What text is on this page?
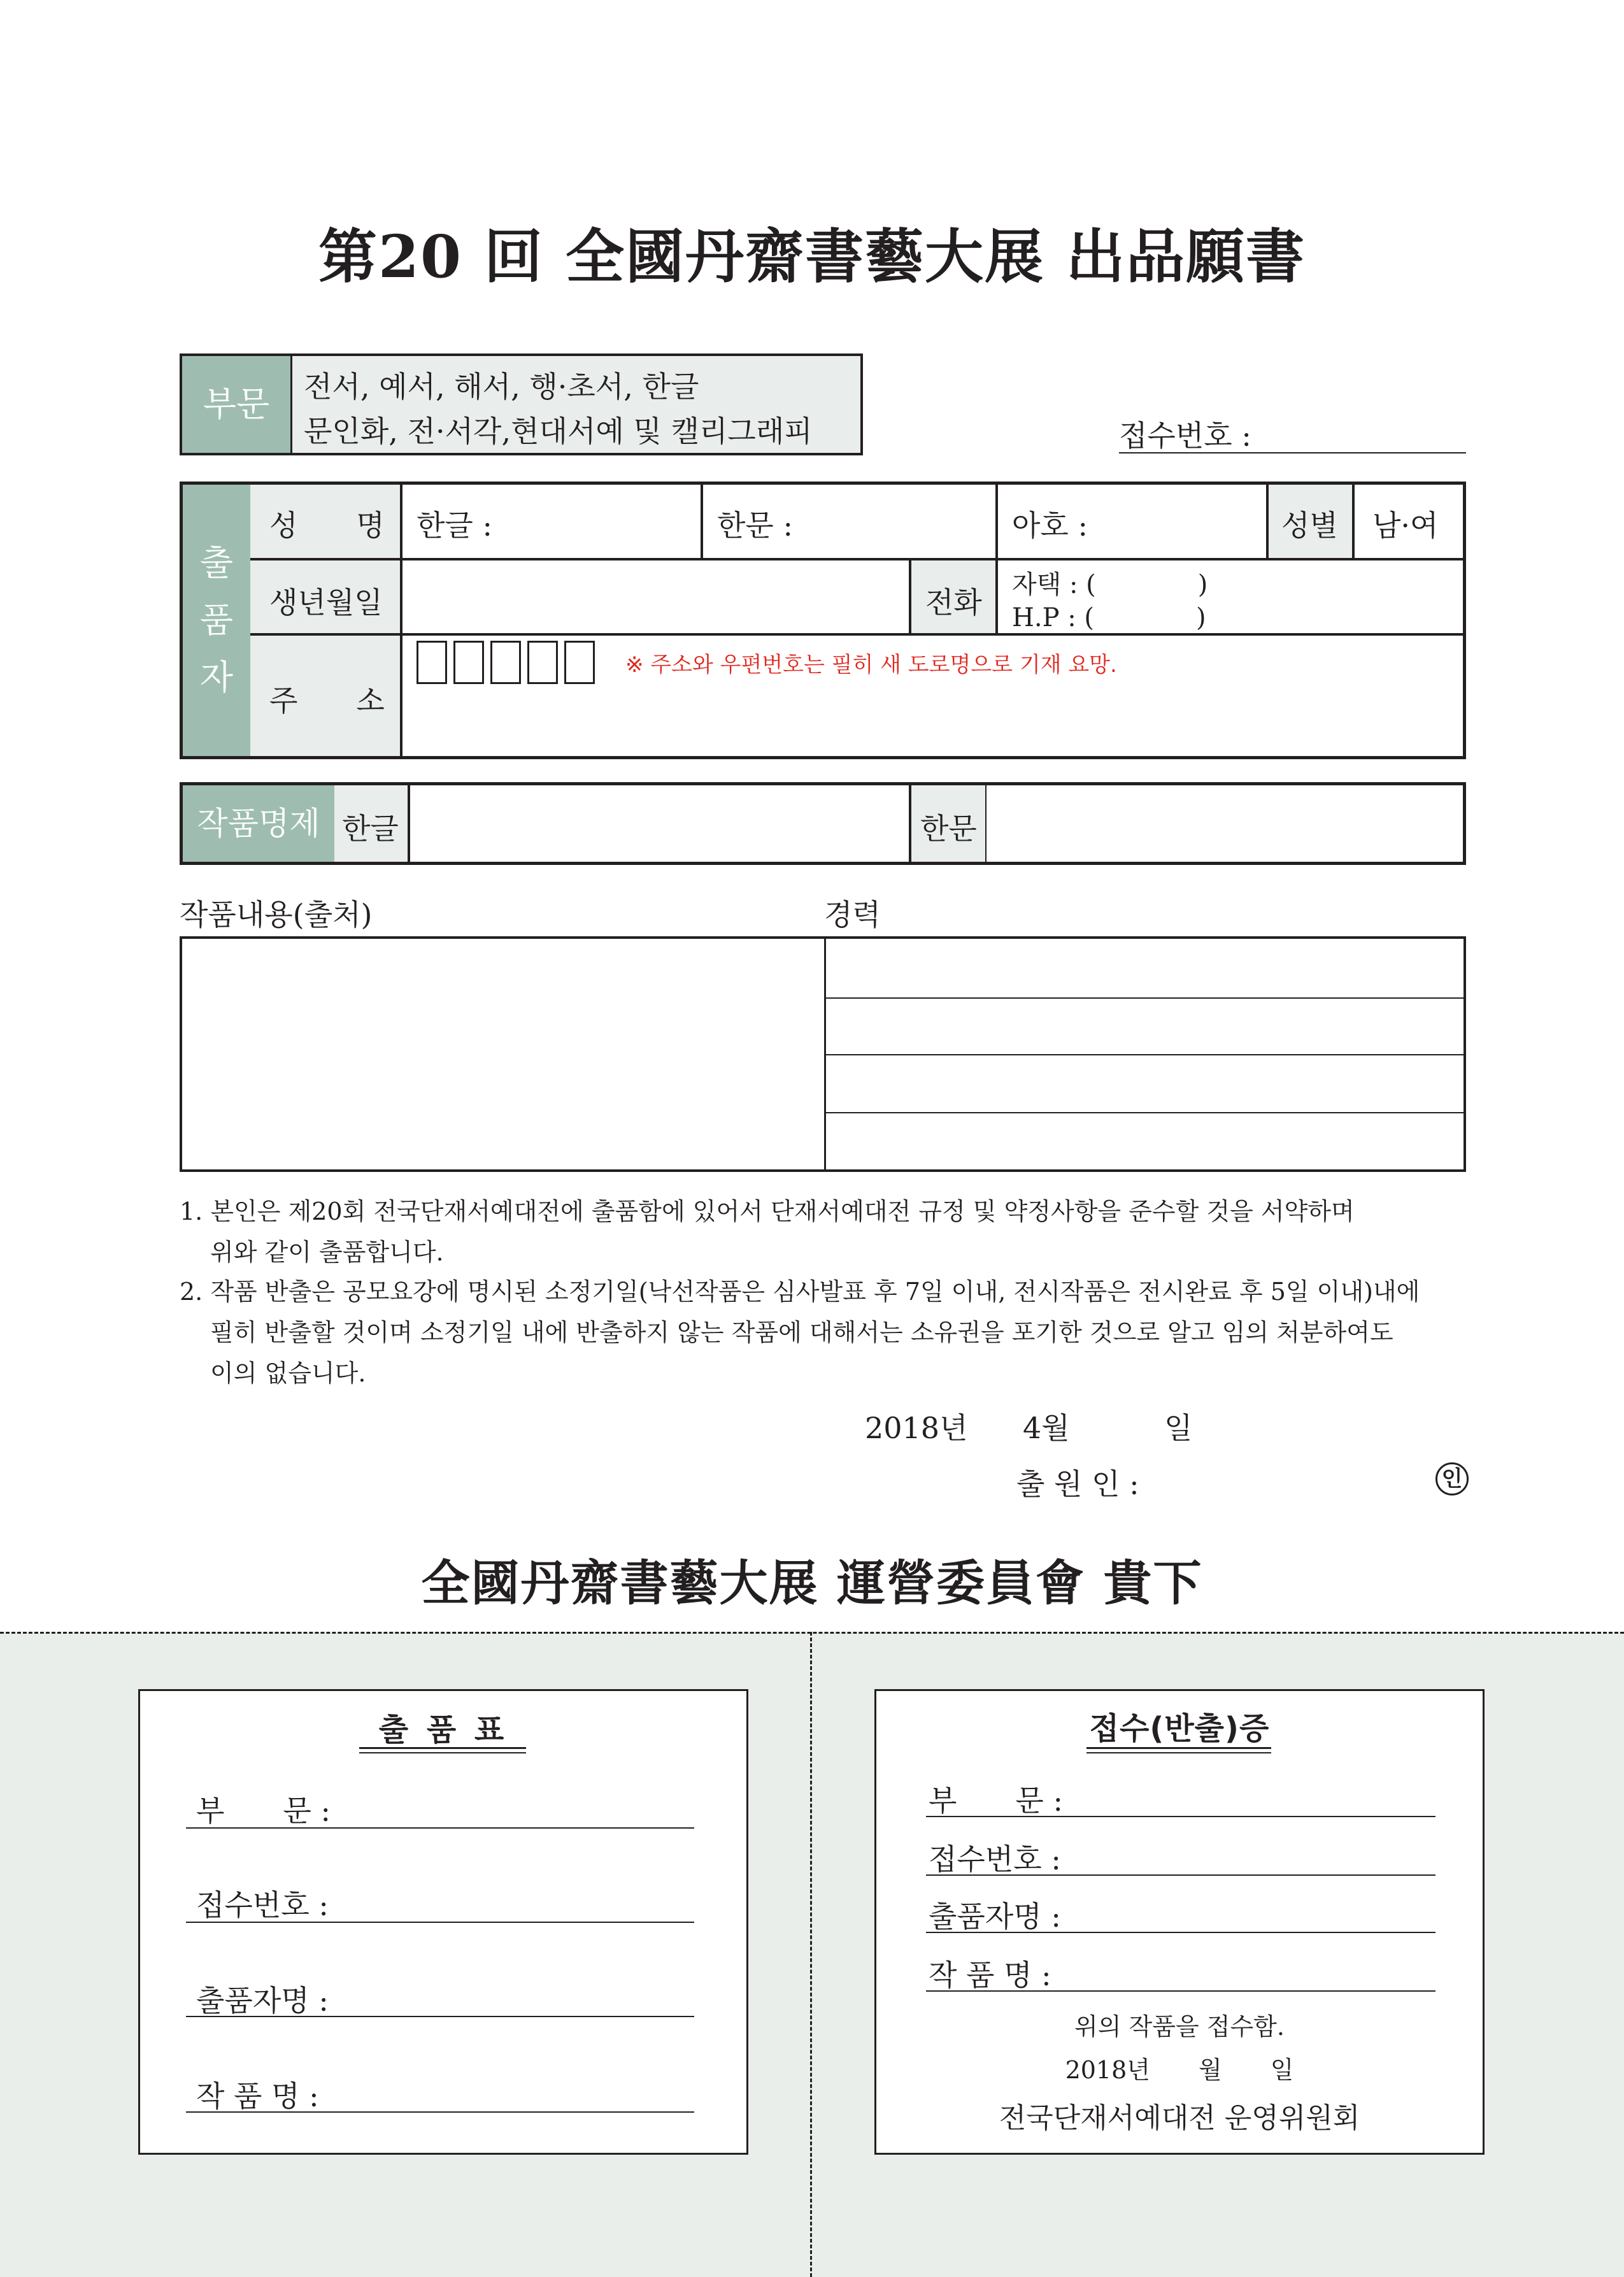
第20 回 全國丹齋書藝大展 出品願書
부문	전서, 예서, 해서, 행·초서, 한글
문인화, 전·서각,현대서예 및 캘리그래피	접수번호 :
출
품
자
성　　명 한글 :	한문 :	아호 :	성별 남·여
생년월일	전화
자택 : (　　　　)
H.P : (　　　　)
주　　소
※ 주소와 우편번호는 필히 새 도로명으로 기재 요망.
작품명제 한글	한문
작품내용(출처)	경력
1. 본인은 제20회 전국단재서예대전에 출품함에 있어서 단재서예대전 규정 및 약정사항을 준수할 것을 서약하며
위와 같이 출품합니다.
2. 작품 반출은 공모요강에 명시된 소정기일(낙선작품은 심사발표 후 7일 이내, 전시작품은 전시완료 후 5일 이내)내에
필히 반출할 것이며 소정기일 내에 반출하지 않는 작품에 대해서는 소유권을 포기한 것으로 알고 임의 처분하여도
이의 없습니다.
2018년 4월	일
출 원 인 :	인
全國丹齋書藝大展 運營委員會 貴下
출 품 표
부　　문 :
접수번호 :
출품자명 :
작 품 명 :
접수(반출)증
부　　문 :
접수번호 :
출품자명 :
작 품 명 :
위의 작품을 접수함.
2018년　　월　　일
전국단재서예대전 운영위원회
